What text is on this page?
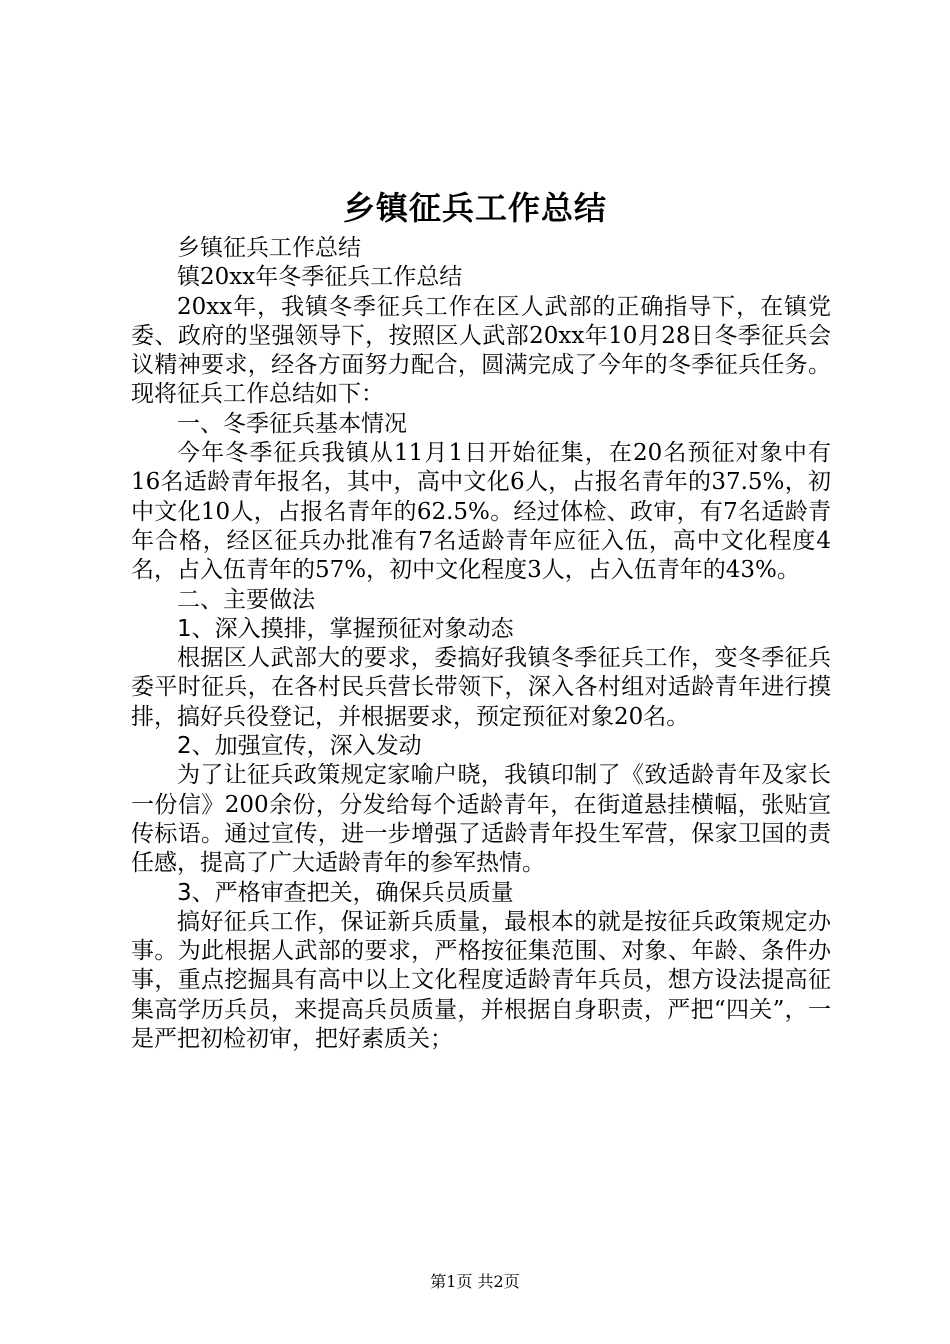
乡镇征兵工作总结

乡镇征兵工作总结

镇20xx年冬季征兵工作总结

20xx年，我镇冬季征兵工作在区人武部的正确指导下，在镇党委、政府的坚强领导下，按照区人武部20xx年10月28日冬季征兵会议精神要求，经各方面努力配合，圆满完成了今年的冬季征兵任务。现将征兵工作总结如下：

一、冬季征兵基本情况

今年冬季征兵我镇从11月1日开始征集，在20名预征对象中有16名适龄青年报名，其中，高中文化6人，占报名青年的37.5%，初中文化10人，占报名青年的62.5%。经过体检、政审，有7名适龄青年合格，经区征兵办批准有7名适龄青年应征入伍，高中文化程度4名，占入伍青年的57%，初中文化程度3人，占入伍青年的43%。

二、主要做法

1、深入摸排，掌握预征对象动态

根据区人武部大的要求，委搞好我镇冬季征兵工作，变冬季征兵委平时征兵，在各村民兵营长带领下，深入各村组对适龄青年进行摸排，搞好兵役登记，并根据要求，预定预征对象20名。

2、加强宣传，深入发动

为了让征兵政策规定家喻户晓，我镇印制了《致适龄青年及家长一份信》200余份，分发给每个适龄青年，在街道悬挂横幅，张贴宣传标语。通过宣传，进一步增强了适龄青年投生军营，保家卫国的责任感，提高了广大适龄青年的参军热情。

3、严格审查把关，确保兵员质量

搞好征兵工作，保证新兵质量，最根本的就是按征兵政策规定办事。为此根据人武部的要求，严格按征集范围、对象、年龄、条件办事，重点挖掘具有高中以上文化程度适龄青年兵员，想方设法提高征集高学历兵员，来提高兵员质量，并根据自身职责，严把“四关”，一是严把初检初审，把好素质关；

第1页 共2页
